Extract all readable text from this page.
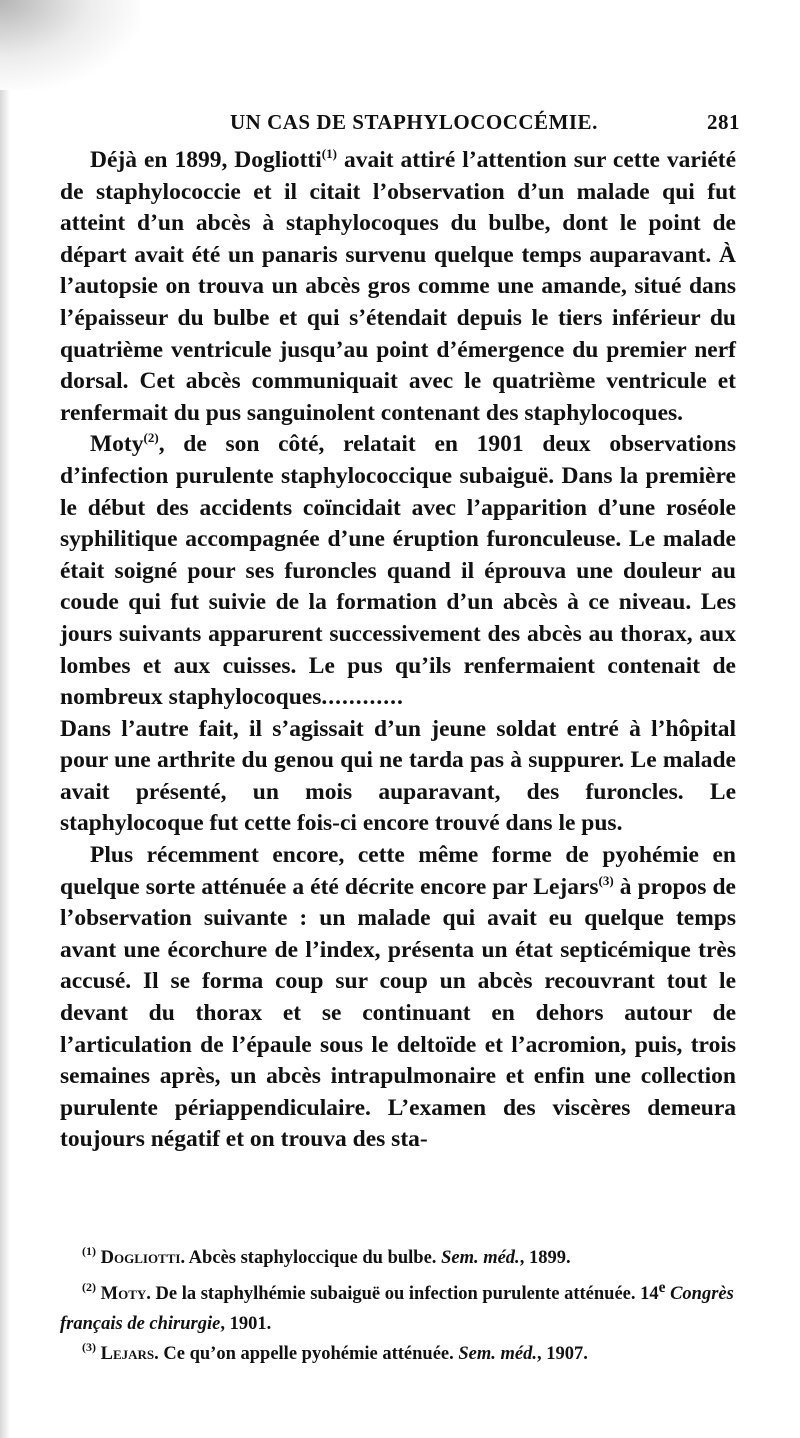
UN CAS DE STAPHYLOCOCCÉMIE.	281

Déjà en 1899, Dogliotti$^{(1)}$ avait attiré l’attention sur cette variété de staphylococcie et il citait l’observation d’un malade qui fut atteint d’un abcès à staphylocoques du bulbe, dont le point de départ avait été un panaris survenu quelque temps auparavant. À l’autopsie on trouva un abcès gros comme une amande, situé dans l’épaisseur du bulbe et qui s’étendait depuis le tiers inférieur du quatrième ventricule jusqu’au point d’émergence du premier nerf dorsal. Cet abcès communiquait avec le quatrième ventricule et renfermait du pus sanguinolent contenant des staphylocoques.

Moty$^{(2)}$, de son côté, relatait en 1901 deux observations d’infection purulente staphylococcique subaiguë. Dans la première le début des accidents coïncidait avec l’apparition d’une roséole syphilitique accompagnée d’une éruption furonculeuse. Le malade était soigné pour ses furoncles quand il éprouva une douleur au coude qui fut suivie de la formation d’un abcès à ce niveau. Les jours suivants apparurent successivement des abcès au thorax, aux lombes et aux cuisses. Le pus qu’ils renfermaient contenait de nombreux staphylocoques............

Dans l’autre fait, il s’agissait d’un jeune soldat entré à l’hôpital pour une arthrite du genou qui ne tarda pas à suppurer. Le malade avait présenté, un mois auparavant, des furoncles. Le staphylocoque fut cette fois-ci encore trouvé dans le pus.

Plus récemment encore, cette même forme de pyohémie en quelque sorte atténuée a été décrite encore par Lejars$^{(3)}$ à propos de l’observation suivante : un malade qui avait eu quelque temps avant une écorchure de l’index, présenta un état septicémique très accusé. Il se forma coup sur coup un abcès recouvrant tout le devant du thorax et se continuant en dehors autour de l’articulation de l’épaule sous le deltoïde et l’acromion, puis, trois semaines après, un abcès intrapulmonaire et enfin une collection purulente périappendiculaire. L’examen des viscères demeura toujours négatif et on trouva des sta-

$^{(1)}$ Dogliotti. Abcès staphyloccique du bulbe. Sem. méd., 1899.

$^{(2)}$ Moty. De la staphylhémie subaiguë ou infection purulente atténuée. 14e Congrès français de chirurgie, 1901.

$^{(3)}$ Lejars. Ce qu’on appelle pyohémie atténuée. Sem. méd., 1907.
